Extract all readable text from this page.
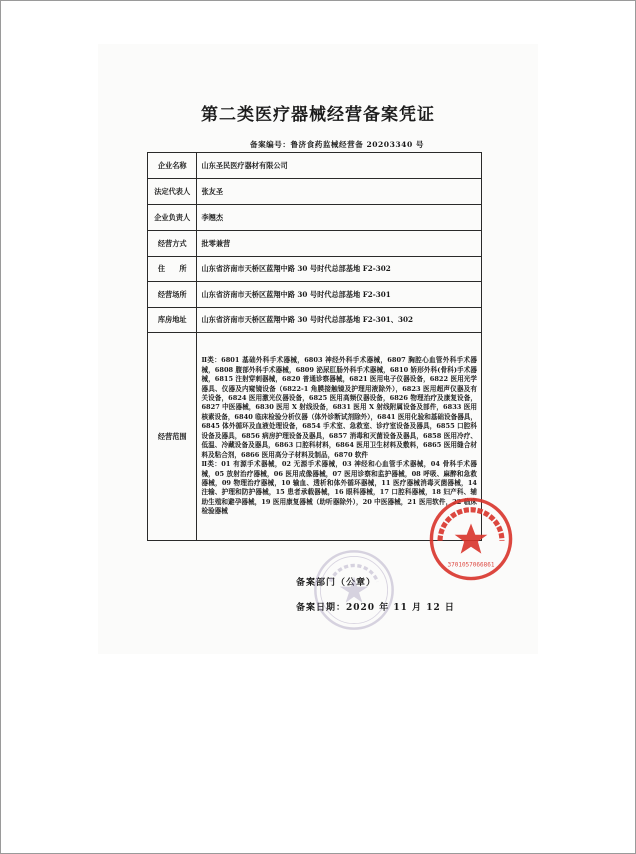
第二类医疗器械经营备案凭证
备案编号：鲁济食药监械经营备 20203340 号
企业名称	山东圣民医疗器材有限公司
法定代表人	张友圣
企业负责人	李翘杰
经营方式	批零兼营
住　　所	山东省济南市天桥区蓝翔中路 30 号时代总部基地 F2-302
经营场所	山东省济南市天桥区蓝翔中路 30 号时代总部基地 F2-301
库房地址	山东省济南市天桥区蓝翔中路 30 号时代总部基地 F2-301、302
经营范围	Ⅱ类：6801 基础外科手术器械，6803 神经外科手术器械，6807 胸腔心血管外科手术器械，6808 腹部外科手术器械，6809 泌尿肛肠外科手术器械，6810 矫形外科(骨科)手术器械，6815 注射穿刺器械，6820 普通诊察器械，6821 医用电子仪器设备，6822 医用光学器具、仪器及内窥镜设备（6822-1 角膜接触镜及护理用液除外），6823 医用超声仪器及有关设备，6824 医用激光仪器设备，6825 医用高频仪器设备，6826 物理治疗及康复设备，6827 中医器械，6830 医用 X 射线设备，6831 医用 X 射线附属设备及部件，6833 医用核素设备，6840 临床检验分析仪器（体外诊断试剂除外），6841 医用化验和基础设备器具，6845 体外循环及血液处理设备，6854 手术室、急救室、诊疗室设备及器具，6855 口腔科设备及器具，6856 病房护理设备及器具，6857 消毒和灭菌设备及器具，6858 医用冷疗、低温、冷藏设备及器具，6863 口腔科材料，6864 医用卫生材料及敷料，6865 医用缝合材料及粘合剂，6866 医用高分子材料及制品，6870 软件
Ⅱ类：01 有源手术器械，02 无源手术器械，03 神经和心血管手术器械，04 骨科手术器械，05 放射治疗器械，06 医用成像器械，07 医用诊察和监护器械，08 呼吸、麻醉和急救器械，09 物理治疗器械，10 输血、透析和体外循环器械，11 医疗器械消毒灭菌器械，14 注输、护理和防护器械，15 患者承载器械，16 眼科器械，17 口腔科器械，18 妇产科、辅助生殖和避孕器械，19 医用康复器械（助听器除外），20 中医器械，21 医用软件，22 临床检验器械
备案部门（公章）
备案日期：2020 年 11 月 12 日
3701057066861
